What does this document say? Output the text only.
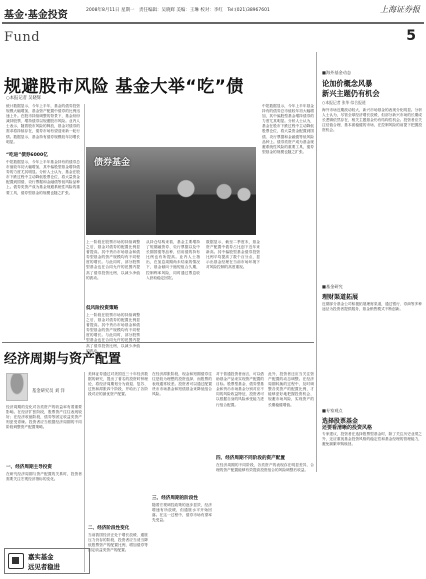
基金·基金投资	2008年8月11日 星期一　责任编辑：吴晓辉 美编：王琳 校对：李红　Tel:(021)38967601	上海证券报
Fund	5
规避股市风险 基金大举“吃”债
○本报记者 吴晓辉
统计数据显示，今年上半年，基金的债券投资规模大幅增加，基金资产配置中债券的比例迅速上升。在股市持续调整的背景下，基金纷纷减持股票、增持债券以规避股市风险。业内人士表示，随着股市风险的释放，基金对债券的需求将持续存在，债券市场有望迎来新一轮行情。数据显示，基金持有债券规模较年初增长明显。
“吃进”债券6000亿
中报数据显示，今年上半年基金持有的债券总市值较年初大幅增加，其中偏股型基金增持债券的力度尤其明显。分析人士认为，基金在股市下跌过程中主动降低股票仓位，将大量资金配置到国债、央行票据和金融债等低风险品种上。债券类资产成为基金规避系统性风险的重要工具，债券型基金的规模也随之扩张。
债券基金
上一阶段在股票市场的持续调整之后，基金对债券的配置比例显著提高。其中货币市场基金和债券型基金的资产规模均有不同程度的增长。与此同时，部分股票型基金也在合同允许的范围内提高了债券投资比例，以减少净值的波动。
低风险投资策略
上一阶段在股票市场的持续调整之后，基金对债券的配置比例显著提高。其中货币市场基金和债券型基金的资产规模均有不同程度的增长。与此同时，部分股票型基金也在合同允许的范围内提高了债券投资比例，以减少净值的波动。
从持仓结构来看，基金主要增持了短期融资券、央行票据以及中长期国债等品种，信用债的持有比例也有所提高。业内人士指出，在加息周期尚未结束的情况下，基金倾向于缩短组合久期，控制利率风险，同时通过票息收入获取稳定回报。
数据显示，截至二季度末，基金资产配置中债券占比创下近年来新高。其中偏股型基金债券投资比例平均提高了数个百分点，显示出基金经理在当前市场环境下对风险控制的高度重视。
中报数据显示，今年上半年基金持有的债券总市值较年初大幅增加，其中偏股型基金增持债券的力度尤其明显。分析人士认为，基金在股市下跌过程中主动降低股票仓位，将大量资金配置到国债、央行票据和金融债等低风险品种上。债券类资产成为基金规避系统性风险的重要工具，债券型基金的规模也随之扩张。
■海外基金动态
论加价概念风暴
新兴主题仍有机会
○本报记者 张华 综合报道
海外市场近期波动较大，新兴市场基金的表现分化明显。分析人士认为，尽管全球经济增长放缓，但部分新兴市场的长期成长逻辑依然存在，相关主题基金仍有结构性机会。投资者应关注估值合理、基本面稳健的市场，在控制风险的前提下把握投资机会。
■基金研究
理财渠道拓展
近期部分基金公司积极拓展理财渠道，通过银行、券商等多种途径为投资者提供服务，基金销售模式不断创新。
■专家观点
选择股票基金
还要看清晰的投资风格
专家建议，投资者在选择股票型基金时，除了关注历史业绩之外，还应重视基金投资风格的稳定性和基金经理的管理能力，避免频繁申购赎回。
经济周期与资产配置
基金研究员 刘 洋
经济周期的变化对各类资产的收益率有着重要影响。在经济扩张阶段，股票资产往往表现较好；在经济收缩阶段，债券等固定收益类资产则更受青睐。投资者应当根据经济周期的不同阶段调整资产配置策略。
一、经济周期主导投资
在研究经济周期与资产配置的关系时，投资者需要关注宏观经济指标的变化。
美林证券通过对美国近三十年经济数据的研究，提出了著名的投资时钟理论，将经济周期划分为衰退、复苏、过热和滞胀四个阶段，并给出了各阶段对应的最优资产配置。
二、经济阶段性变化
当前我国经济正处于增长放缓、通胀压力仍存的阶段，投资者应当适当降低股票资产的配置比例，增加债券等固定收益类资产的配置。
在经济滞胀阶段，现金和短期债券往往是较为理想的投资选择，而股票的表现通常较差。投资者可以通过配置货币市场基金和短债基金来降低组合风险。
三、经济周期的阶段性
随着宏观调控政策的逐步显效，经济增速有所放缓，但通胀水平开始回落。在这一过程中，债券市场有望率先受益。
四、经济周期不同阶段的资产配置
对于普通投资者而言，可以借助基金产品来实现资产配置的目标。股票型基金、债券型基金和货币市场基金分别对应不同的风险收益特征，投资者可以根据自身的风险承受能力进行组合配置。
在经济周期的不同阶段，各类资产的表现存在明显差异，合理的资产配置能够有效提高投资组合的风险调整后收益。
此外，投资者还应当关注资产配置的动态调整。在经济周期转换的过程中，及时调整各类资产的配置比例，才能够更好地把握投资机会、规避市场风险，实现资产的长期稳健增值。
嘉实基金
远见者稳进
